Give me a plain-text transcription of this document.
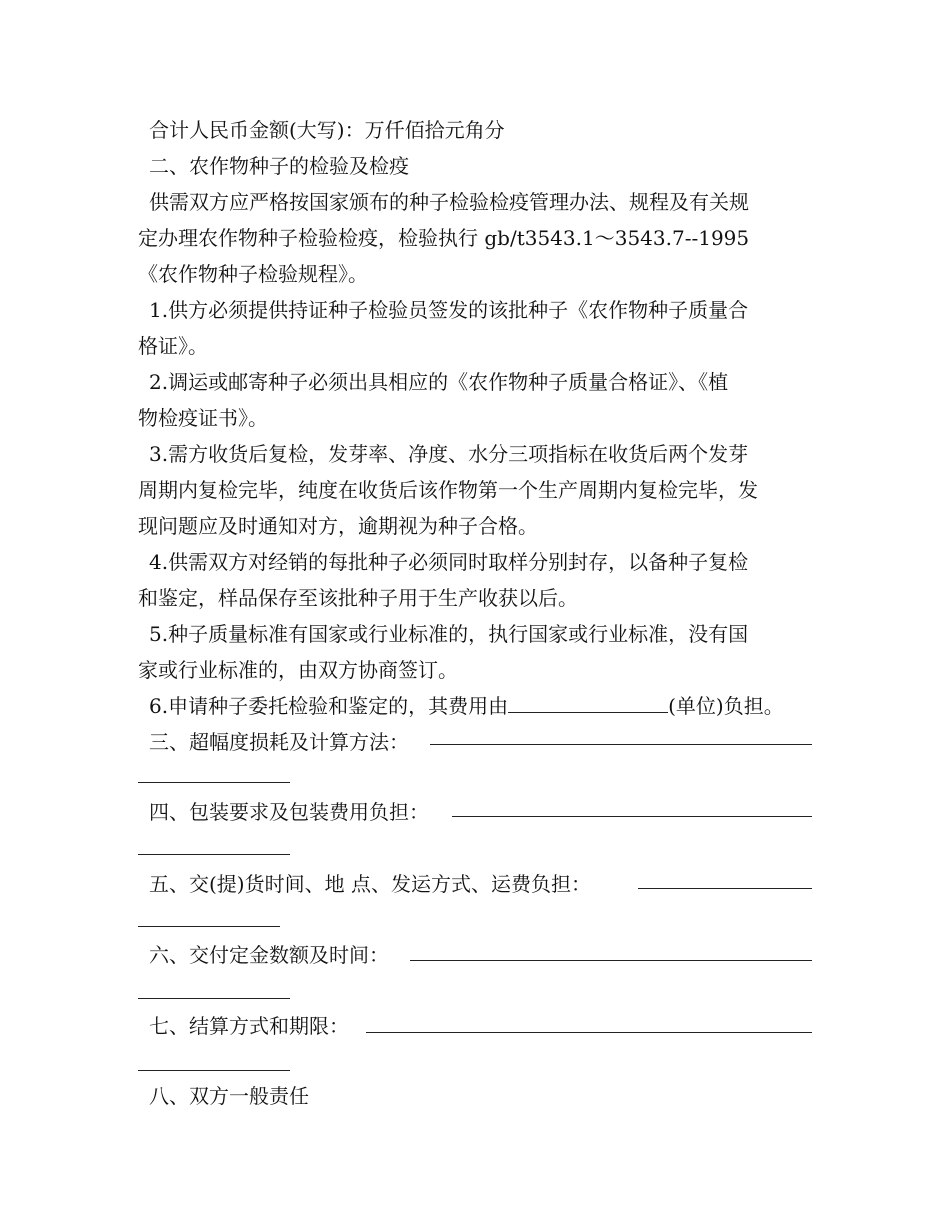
合计人民币金额(大写)：万仟佰拾元角分
二、农作物种子的检验及检疫
供需双方应严格按国家颁布的种子检验检疫管理办法、规程及有关规
定办理农作物种子检验检疫，检验执行 gb/t3543.1～3543.7--1995
《农作物种子检验规程》。
1.供方必须提供持证种子检验员签发的该批种子《农作物种子质量合
格证》。
2.调运或邮寄种子必须出具相应的《农作物种子质量合格证》、《植
物检疫证书》。
3.需方收货后复检，发芽率、净度、水分三项指标在收货后两个发芽
周期内复检完毕，纯度在收货后该作物第一个生产周期内复检完毕，发
现问题应及时通知对方，逾期视为种子合格。
4.供需双方对经销的每批种子必须同时取样分别封存，以备种子复检
和鉴定，样品保存至该批种子用于生产收获以后。
5.种子质量标准有国家或行业标准的，执行国家或行业标准，没有国
家或行业标准的，由双方协商签订。
6.申请种子委托检验和鉴定的，其费用由	(单位)负担。
三、超幅度损耗及计算方法：
四、包装要求及包装费用负担：
五、交(提)货时间、地 点、发运方式、运费负担：
六、交付定金数额及时间：
七、结算方式和期限：
八、双方一般责任
